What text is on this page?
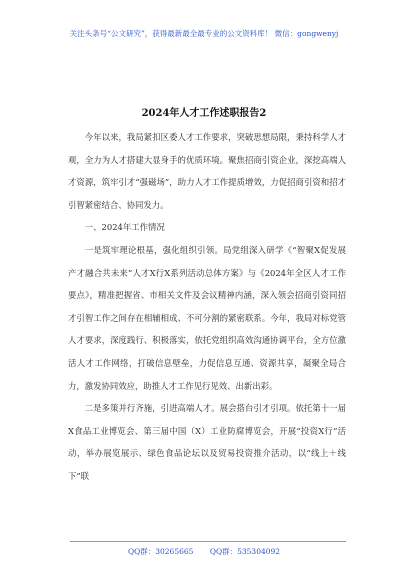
关注头条号“公文研究”，获得最新最全最专业的公文资料库！ 微信：gongwenyj
2024年人才工作述职报告2

今年以来，我局紧扣区委人才工作要求，突破思想局限，秉持科学人才观，全力为人才搭建大显身手的优质环境。聚焦招商引资企业，深挖高端人才资源，筑牢引才“强磁场”，助力人才工作提质增效，力促招商引资和招才引智紧密结合、协同发力。

一、2024年工作情况

一是筑牢理论根基，强化组织引领。局党组深入研学《“智聚X促发展产才融合共未来”人才X行X系列活动总体方案》与《2024年全区人才工作要点》，精准把握省、市相关文件及会议精神内涵，深入领会招商引资同招才引智工作之间存在相辅相成、不可分割的紧密联系。今年，我局对标党管人才要求，深度践行、积极落实，依托党组织高效沟通协调平台，全方位激活人才工作网络，打破信息壁垒，力促信息互通、资源共享，凝聚全局合力，激发协同效应，助推人才工作见行见效、出新出彩。

二是多策并行齐施，引进高端人才。展会搭台引才引项。依托第十一届X食品工业博览会、第三届中国（X）工业防腐博览会，开展“投资X行”活动，举办展览展示、绿色食品论坛以及贸易投资推介活动，以“线上＋线下”联

QQ群：30265665 QQ群：535304092
